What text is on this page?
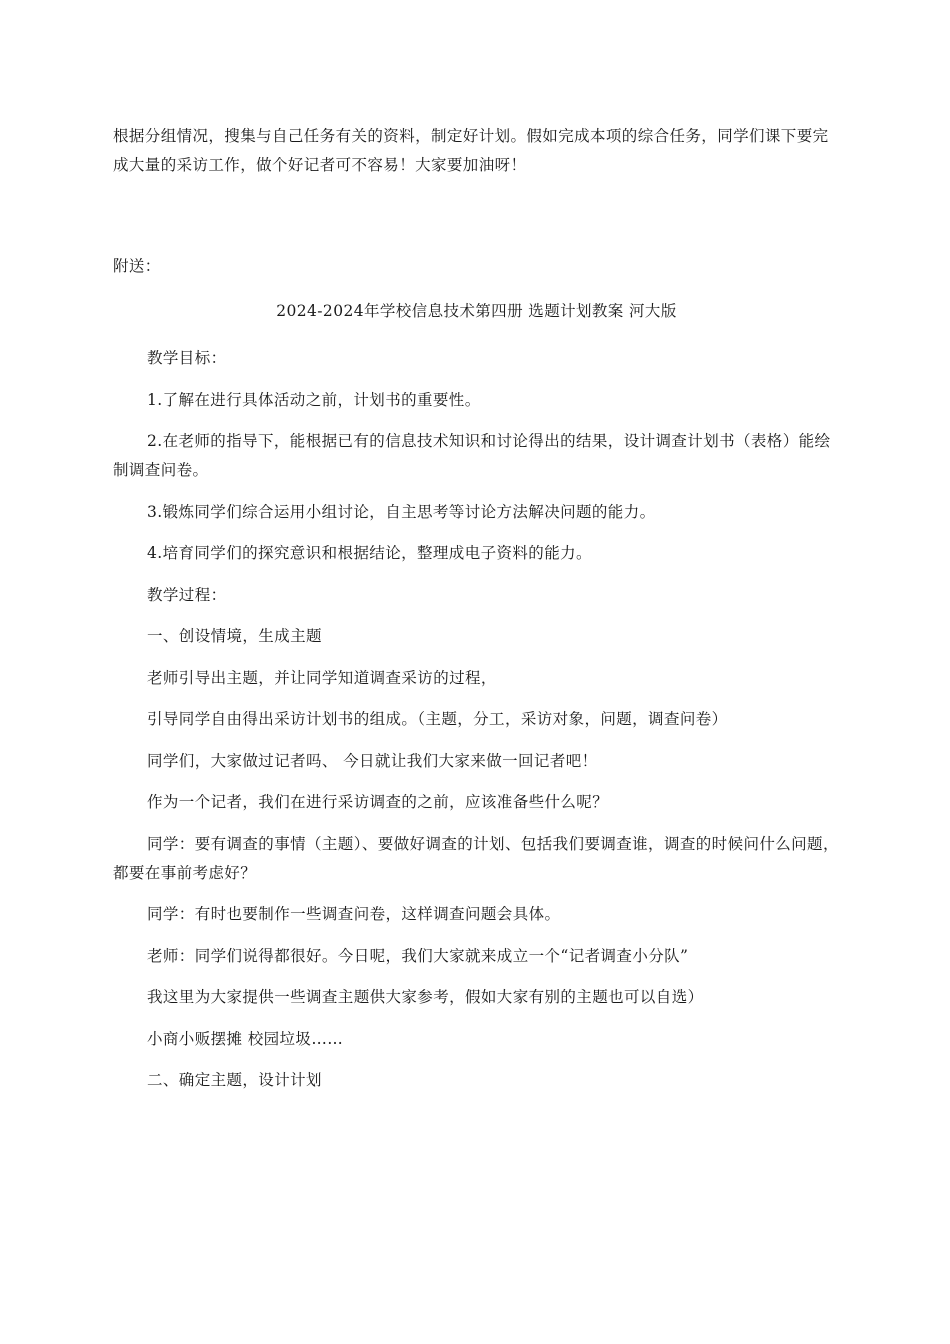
根据分组情况，搜集与自己任务有关的资料，制定好计划。假如完成本项的综合任务，同学们课下要完成大量的采访工作，做个好记者可不容易！大家要加油呀！

附送：

2024-2024年学校信息技术第四册 选题计划教案 河大版

教学目标：

1.了解在进行具体活动之前，计划书的重要性。

2.在老师的指导下，能根据已有的信息技术知识和讨论得出的结果，设计调查计划书（表格）能绘制调查问卷。

3.锻炼同学们综合运用小组讨论，自主思考等讨论方法解决问题的能力。

4.培育同学们的探究意识和根据结论，整理成电子资料的能力。

教学过程：

一、创设情境，生成主题

老师引导出主题，并让同学知道调查采访的过程，

引导同学自由得出采访计划书的组成。（主题，分工，采访对象，问题，调查问卷）

同学们，大家做过记者吗、 今日就让我们大家来做一回记者吧！

作为一个记者，我们在进行采访调查的之前，应该准备些什么呢？

同学：要有调查的事情（主题）、要做好调查的计划、包括我们要调查谁，调查的时候问什么问题，都要在事前考虑好？

同学：有时也要制作一些调查问卷，这样调查问题会具体。

老师：同学们说得都很好。今日呢，我们大家就来成立一个“记者调查小分队”

我这里为大家提供一些调查主题供大家参考，假如大家有别的主题也可以自选）

小商小贩摆摊 校园垃圾……

二、确定主题，设计计划
